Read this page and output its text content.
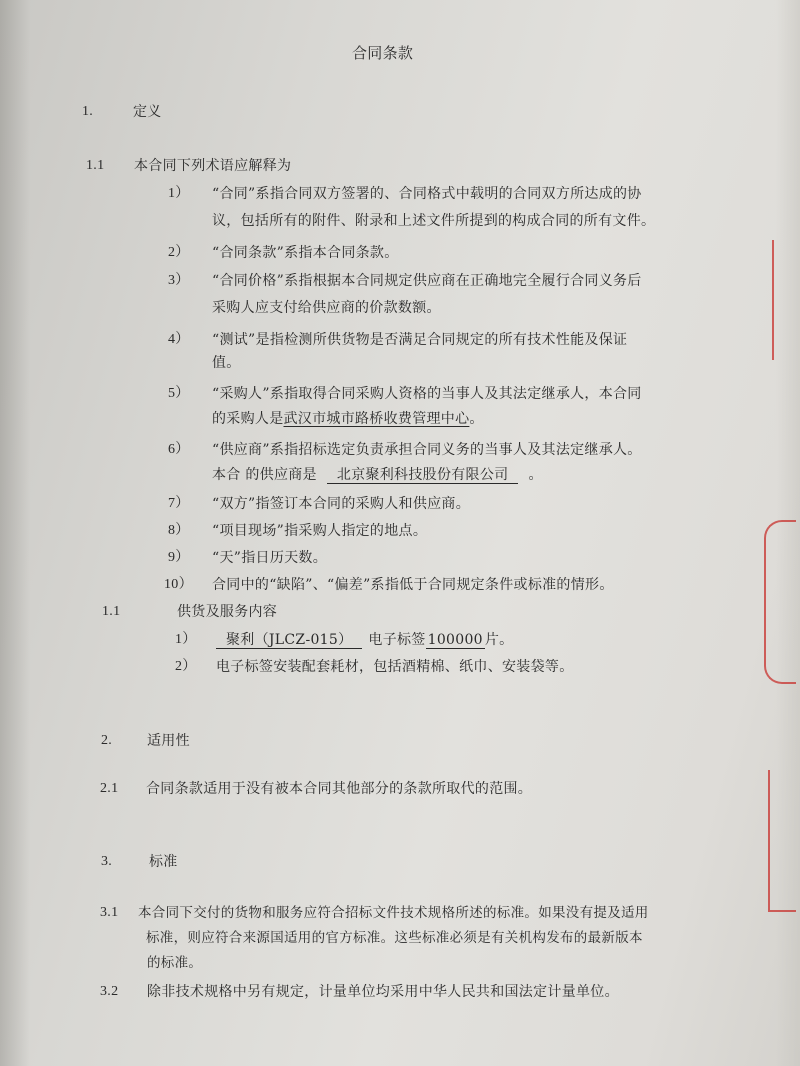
合同条款
1.	定义
1.1 本合同下列术语应解释为
1） “合同”系指合同双方签署的、合同格式中载明的合同双方所达成的协
议，包括所有的附件、附录和上述文件所提到的构成合同的所有文件。
2） “合同条款”系指本合同条款。
3） “合同价格”系指根据本合同规定供应商在正确地完全履行合同义务后
采购人应支付给供应商的价款数额。
4） “测试”是指检测所供货物是否满足合同规定的所有技术性能及保证
值。
5） “采购人”系指取得合同采购人资格的当事人及其法定继承人，本合同
的采购人是武汉市城市路桥收费管理中心。
6） “供应商”系指招标选定负责承担合同义务的当事人及其法定继承人。
本合 的供应商是 北京聚利科技股份有限公司 。
7） “双方”指签订本合同的采购人和供应商。
8） “项目现场”指采购人指定的地点。
9） “天”指日历天数。
10） 合同中的“缺陷”、“偏差”系指低于合同规定条件或标准的情形。
1.1	供货及服务内容
1）	聚利（JLCZ-015） 电子标签 100000 片。
2） 电子标签安装配套耗材，包括酒精棉、纸巾、安装袋等。
2. 适用性
2.1 合同条款适用于没有被本合同其他部分的条款所取代的范围。
3.	标准
3.1 本合同下交付的货物和服务应符合招标文件技术规格所述的标准。如果没有提及适用
标准，则应符合来源国适用的官方标准。这些标准必须是有关机构发布的最新版本
的标准。
3.2 除非技术规格中另有规定，计量单位均采用中华人民共和国法定计量单位。
